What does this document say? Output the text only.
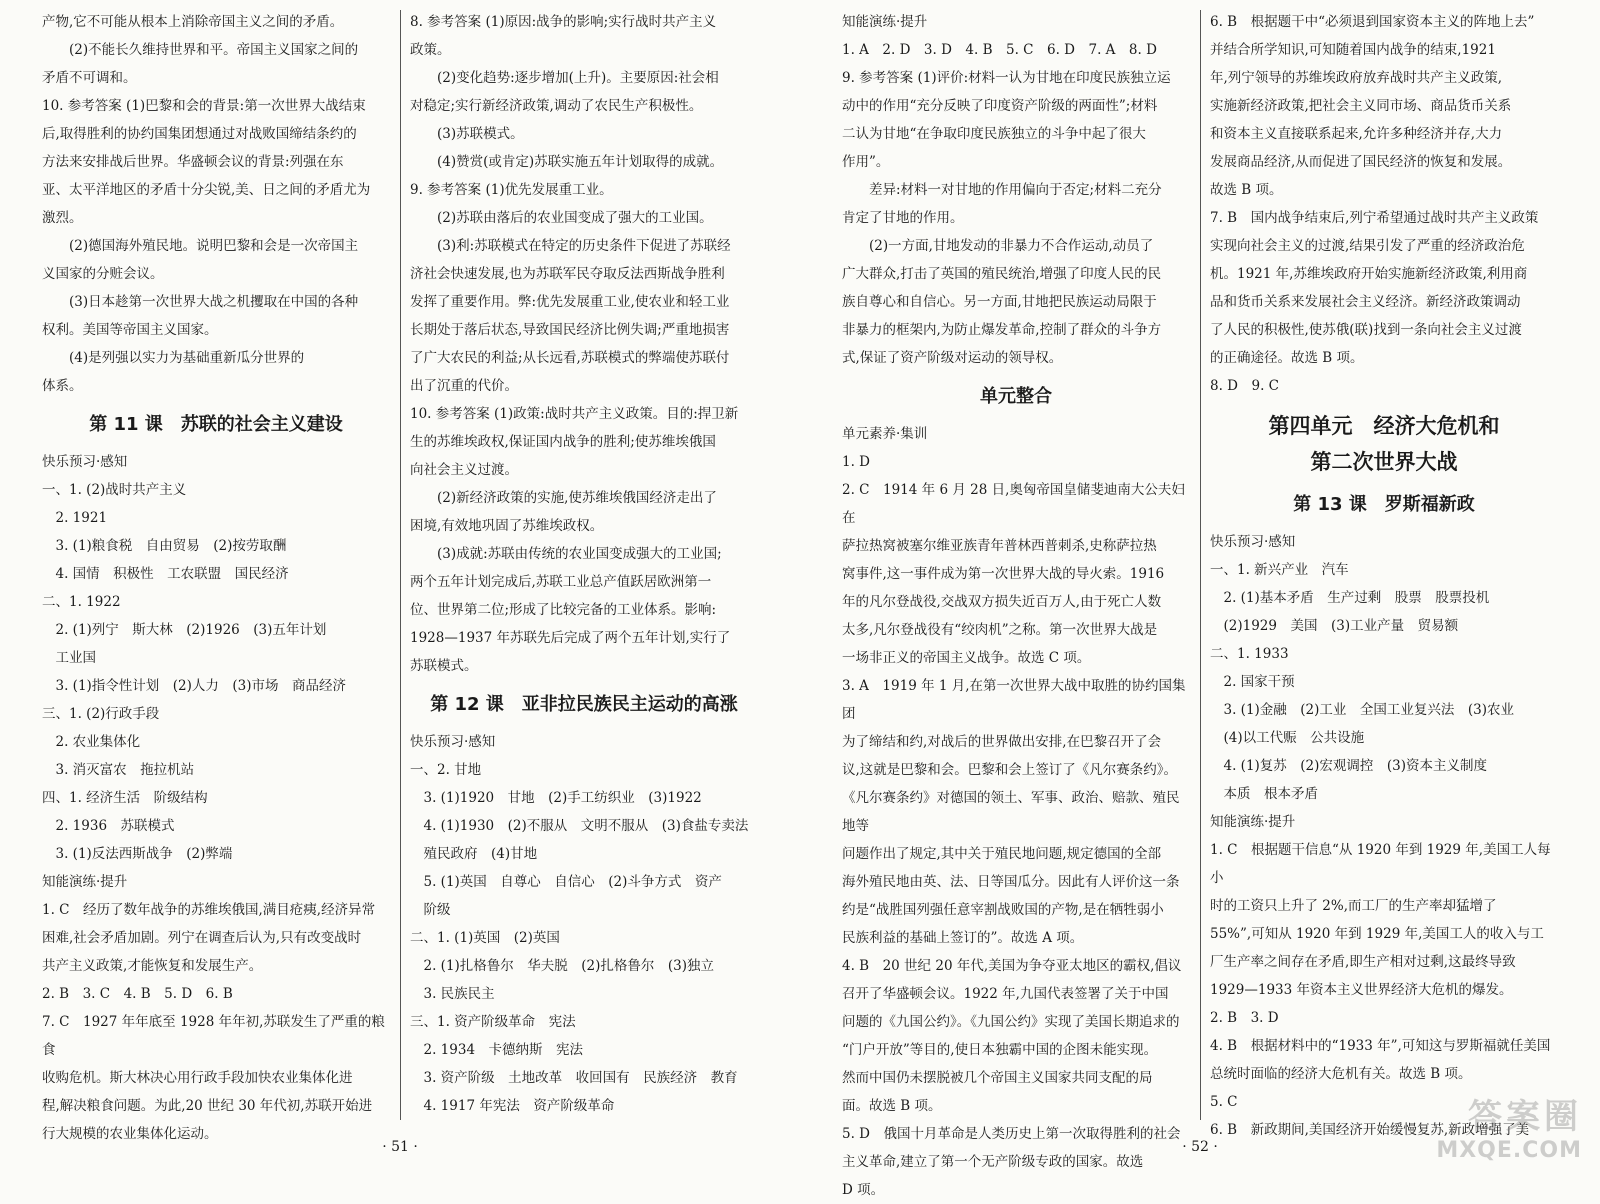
产物,它不可能从根本上消除帝国主义之间的矛盾。
　　(2)不能长久维持世界和平。帝国主义国家之间的
矛盾不可调和。
10. 参考答案 (1)巴黎和会的背景:第一次世界大战结束
后,取得胜利的协约国集团想通过对战败国缔结条约的
方法来安排战后世界。华盛顿会议的背景:列强在东
亚、太平洋地区的矛盾十分尖锐,美、日之间的矛盾尤为
激烈。
　　(2)德国海外殖民地。说明巴黎和会是一次帝国主
义国家的分赃会议。
　　(3)日本趁第一次世界大战之机攫取在中国的各种
权利。美国等帝国主义国家。
　　(4)是列强以实力为基础重新瓜分世界的
体系。
第 11 课　苏联的社会主义建设
快乐预习·感知
一、1. (2)战时共产主义
　2. 1921
　3. (1)粮食税　自由贸易　(2)按劳取酬
　4. 国情　积极性　工农联盟　国民经济
二、1. 1922
　2. (1)列宁　斯大林　(2)1926　(3)五年计划
　工业国
　3. (1)指令性计划　(2)人力　(3)市场　商品经济
三、1. (2)行政手段
　2. 农业集体化
　3. 消灭富农　拖拉机站
四、1. 经济生活　阶级结构
　2. 1936　苏联模式
　3. (1)反法西斯战争　(2)弊端
知能演练·提升
1. C　经历了数年战争的苏维埃俄国,满目疮痍,经济异常
困难,社会矛盾加剧。列宁在调查后认为,只有改变战时
共产主义政策,才能恢复和发展生产。
2. B　3. C　4. B　5. D　6. B
7. C　1927 年年底至 1928 年年初,苏联发生了严重的粮食
收购危机。斯大林决心用行政手段加快农业集体化进
程,解决粮食问题。为此,20 世纪 30 年代初,苏联开始进
行大规模的农业集体化运动。
8. 参考答案 (1)原因:战争的影响;实行战时共产主义
政策。
　　(2)变化趋势:逐步增加(上升)。主要原因:社会相
对稳定;实行新经济政策,调动了农民生产积极性。
　　(3)苏联模式。
　　(4)赞赏(或肯定)苏联实施五年计划取得的成就。
9. 参考答案 (1)优先发展重工业。
　　(2)苏联由落后的农业国变成了强大的工业国。
　　(3)利:苏联模式在特定的历史条件下促进了苏联经
济社会快速发展,也为苏联军民夺取反法西斯战争胜利
发挥了重要作用。弊:优先发展重工业,使农业和轻工业
长期处于落后状态,导致国民经济比例失调;严重地损害
了广大农民的利益;从长远看,苏联模式的弊端使苏联付
出了沉重的代价。
10. 参考答案 (1)政策:战时共产主义政策。目的:捍卫新
生的苏维埃政权,保证国内战争的胜利;使苏维埃俄国
向社会主义过渡。
　　(2)新经济政策的实施,使苏维埃俄国经济走出了
困境,有效地巩固了苏维埃政权。
　　(3)成就:苏联由传统的农业国变成强大的工业国;
两个五年计划完成后,苏联工业总产值跃居欧洲第一
位、世界第二位;形成了比较完备的工业体系。影响:
1928—1937 年苏联先后完成了两个五年计划,实行了
苏联模式。
第 12 课　亚非拉民族民主运动的高涨
快乐预习·感知
一、2. 甘地
　3. (1)1920　甘地　(2)手工纺织业　(3)1922
　4. (1)1930　(2)不服从　文明不服从　(3)食盐专卖法
　殖民政府　(4)甘地
　5. (1)英国　自尊心　自信心　(2)斗争方式　资产
　阶级
二、1. (1)英国　(2)英国
　2. (1)扎格鲁尔　华夫脱　(2)扎格鲁尔　(3)独立
　3. 民族民主
三、1. 资产阶级革命　宪法
　2. 1934　卡德纳斯　宪法
　3. 资产阶级　土地改革　收回国有　民族经济　教育
　4. 1917 年宪法　资产阶级革命
· 51 ·
知能演练·提升
1. A　2. D　3. D　4. B　5. C　6. D　7. A　8. D
9. 参考答案 (1)评价:材料一认为甘地在印度民族独立运
动中的作用“充分反映了印度资产阶级的两面性”;材料
二认为甘地“在争取印度民族独立的斗争中起了很大
作用”。
　　差异:材料一对甘地的作用偏向于否定;材料二充分
肯定了甘地的作用。
　　(2)一方面,甘地发动的非暴力不合作运动,动员了
广大群众,打击了英国的殖民统治,增强了印度人民的民
族自尊心和自信心。另一方面,甘地把民族运动局限于
非暴力的框架内,为防止爆发革命,控制了群众的斗争方
式,保证了资产阶级对运动的领导权。
单元整合
单元素养·集训
1. D
2. C　1914 年 6 月 28 日,奥匈帝国皇储斐迪南大公夫妇在
萨拉热窝被塞尔维亚族青年普林西普刺杀,史称萨拉热
窝事件,这一事件成为第一次世界大战的导火索。1916
年的凡尔登战役,交战双方损失近百万人,由于死亡人数
太多,凡尔登战役有“绞肉机”之称。第一次世界大战是
一场非正义的帝国主义战争。故选 C 项。
3. A　1919 年 1 月,在第一次世界大战中取胜的协约国集团
为了缔结和约,对战后的世界做出安排,在巴黎召开了会
议,这就是巴黎和会。巴黎和会上签订了《凡尔赛条约》。
《凡尔赛条约》对德国的领土、军事、政治、赔款、殖民地等
问题作出了规定,其中关于殖民地问题,规定德国的全部
海外殖民地由英、法、日等国瓜分。因此有人评价这一条
约是“战胜国列强任意宰割战败国的产物,是在牺牲弱小
民族利益的基础上签订的”。故选 A 项。
4. B　20 世纪 20 年代,美国为争夺亚太地区的霸权,倡议
召开了华盛顿会议。1922 年,九国代表签署了关于中国
问题的《九国公约》。《九国公约》实现了美国长期追求的
“门户开放”等目的,使日本独霸中国的企图未能实现。
然而中国仍未摆脱被几个帝国主义国家共同支配的局
面。故选 B 项。
5. D　俄国十月革命是人类历史上第一次取得胜利的社会
主义革命,建立了第一个无产阶级专政的国家。故选
D 项。
6. B　根据题干中“必须退到国家资本主义的阵地上去”
并结合所学知识,可知随着国内战争的结束,1921
年,列宁领导的苏维埃政府放弃战时共产主义政策,
实施新经济政策,把社会主义同市场、商品货币关系
和资本主义直接联系起来,允许多种经济并存,大力
发展商品经济,从而促进了国民经济的恢复和发展。
故选 B 项。
7. B　国内战争结束后,列宁希望通过战时共产主义政策
实现向社会主义的过渡,结果引发了严重的经济政治危
机。1921 年,苏维埃政府开始实施新经济政策,利用商
品和货币关系来发展社会主义经济。新经济政策调动
了人民的积极性,使苏俄(联)找到一条向社会主义过渡
的正确途径。故选 B 项。
8. D　9. C
第四单元　经济大危机和
第二次世界大战
第 13 课　罗斯福新政
快乐预习·感知
一、1. 新兴产业　汽车
　2. (1)基本矛盾　生产过剩　股票　股票投机
　(2)1929　美国　(3)工业产量　贸易额
二、1. 1933
　2. 国家干预
　3. (1)金融　(2)工业　全国工业复兴法　(3)农业
　(4)以工代赈　公共设施
　4. (1)复苏　(2)宏观调控　(3)资本主义制度
　本质　根本矛盾
知能演练·提升
1. C　根据题干信息“从 1920 年到 1929 年,美国工人每小
时的工资只上升了 2%,而工厂的生产率却猛增了
55%”,可知从 1920 年到 1929 年,美国工人的收入与工
厂生产率之间存在矛盾,即生产相对过剩,这最终导致
1929—1933 年资本主义世界经济大危机的爆发。
2. B　3. D
4. B　根据材料中的“1933 年”,可知这与罗斯福就任美国
总统时面临的经济大危机有关。故选 B 项。
5. C
6. B　新政期间,美国经济开始缓慢复苏,新政增强了美
· 52 ·
答案圈
MXQE.COM
